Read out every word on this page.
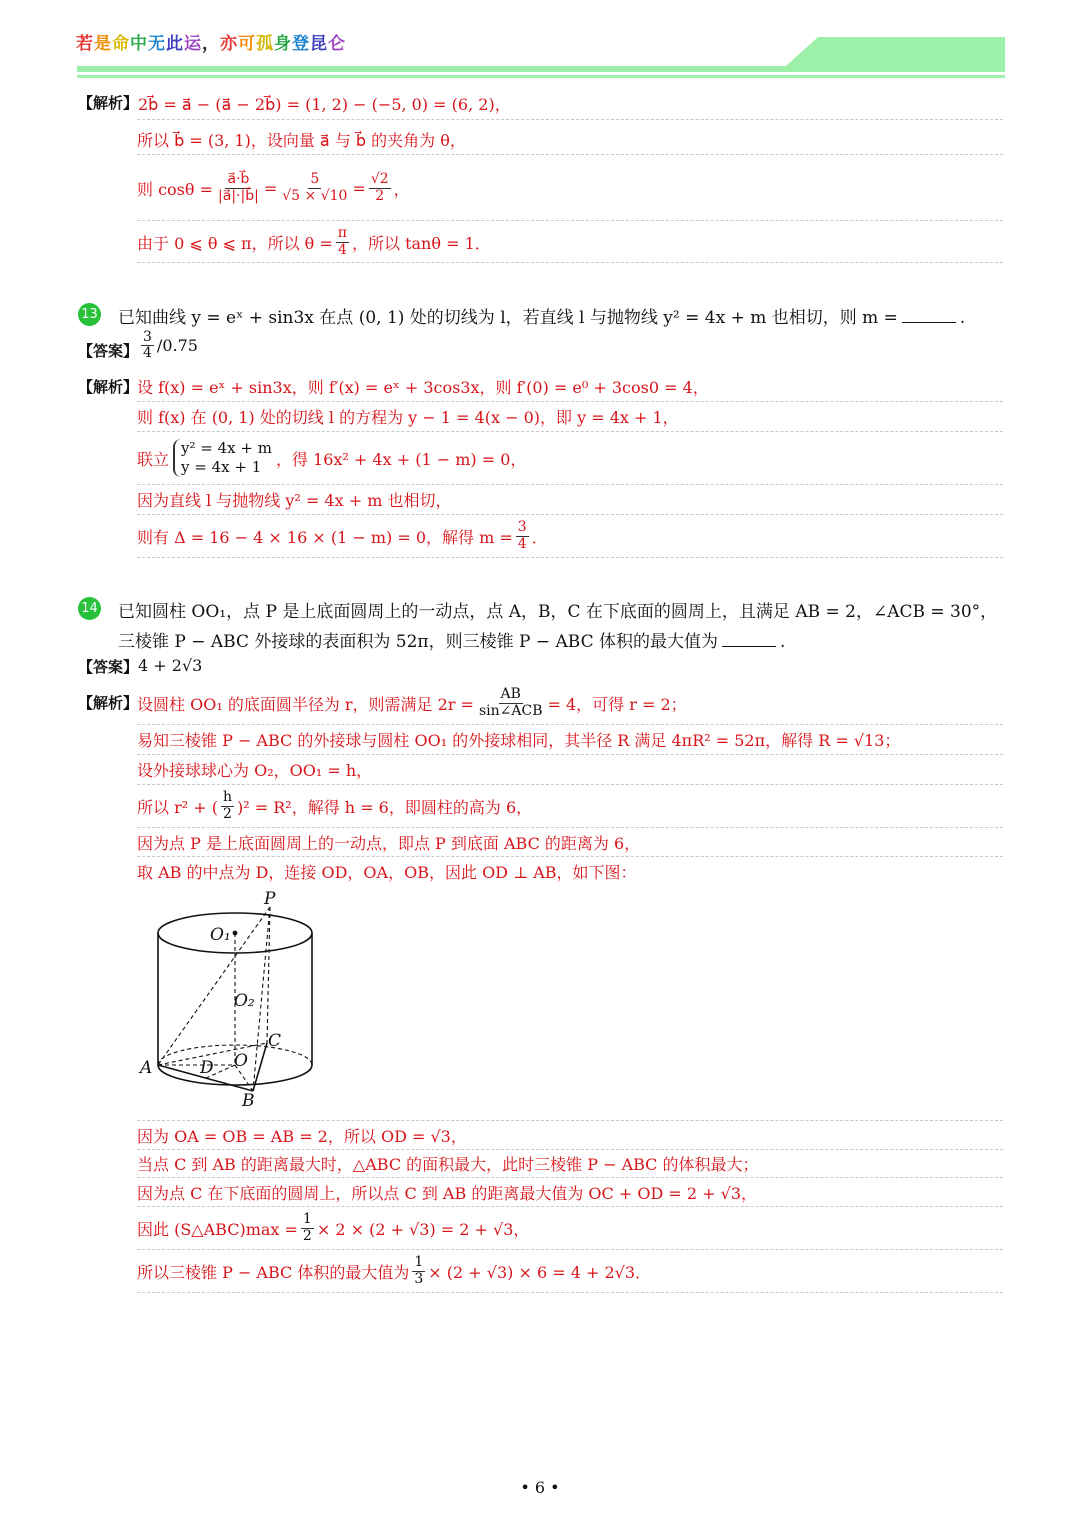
若是命中无此运，亦可孤身登昆仑
【解析】 2b⃗ = a⃗ − (a⃗ − 2b⃗) = (1, 2) − (−5, 0) = (6, 2)，
所以 b⃗ = (3, 1)，设向量 a⃗ 与 b⃗ 的夹角为 θ，
则 $\cos\theta = \frac{a⃗\cdot b⃗}{|a⃗|\cdot|b⃗|} = \frac{5}{√5 \times √10} = \frac{√2}{2}$ ，
由于 0 ⩽ θ ⩽ π，所以 $\theta = \frac{\pi}{4}$ ，所以 tanθ = 1．
13 已知曲线 y = eˣ + sin3x 在点 (0, 1) 处的切线为 l，若直线 l 与抛物线 y² = 4x + m 也相切，则 m =	.
【答案】 $\frac{3}{4} /0.75$
【解析】
设 f(x) = eˣ + sin3x，则 f′(x) = eˣ + 3cos3x，则 f′(0) = e⁰ + 3cos0 = 4，
则 f(x) 在 (0, 1) 处的切线 l 的方程为 y − 1 = 4(x − 0)，即 y = 4x + 1，
联立
y² = 4x + m
y = 4x + 1 ，得 16x² + 4x + (1 − m) = 0，
因为直线 l 与抛物线 y² = 4x + m 也相切，
则有 Δ = 16 − 4 × 16 × (1 − m) = 0，解得 $m = \frac{3}{4}$ ．
14 已知圆柱 OO₁，点 P 是上底面圆周上的一动点，点 A，B，C 在下底面的圆周上，且满足 AB = 2，∠ACB = 30°，
三棱锥 P − ABC 外接球的表面积为 52π，则三棱锥 P − ABC 体积的最大值为	.
【答案】 4 + 2√3
【解析】
设圆柱 OO₁ 的底面圆半径为 r，则需满足 $2r = \frac{AB}{\text{sin∠ACB}} = 4$，可得 r = 2；
易知三棱锥 P − ABC 的外接球与圆柱 OO₁ 的外接球相同，其半径 R 满足 4πR² = 52π，解得 R = √13；
设外接球球心为 O₂，OO₁ = h，
所以 r² + ( $\frac{h}{2} )^2 = R^2$，解得 h = 6，即圆柱的高为 6，
因为点 P 是上底面圆周上的一动点，即点 P 到底面 ABC 的距离为 6，
取 AB 的中点为 D，连接 OD，OA，OB，因此 OD ⊥ AB，如下图：
P
O₁
O₂
C
A	D O
B
因为 OA = OB = AB = 2，所以 OD = √3，
当点 C 到 AB 的距离最大时，△ABC 的面积最大，此时三棱锥 P − ABC 的体积最大；
因为点 C 在下底面的圆周上，所以点 C 到 AB 的距离最大值为 OC + OD = 2 + √3，
因此 (S△ABC)max = $\frac{1}{2} \times 2 \times (2 + √3) = 2 + √3$，
所以三棱锥 P − ABC 体积的最大值为 $\frac{1}{3} \times (2 + √3) \times 6 = 4 + 2√3$．
• 6 •
